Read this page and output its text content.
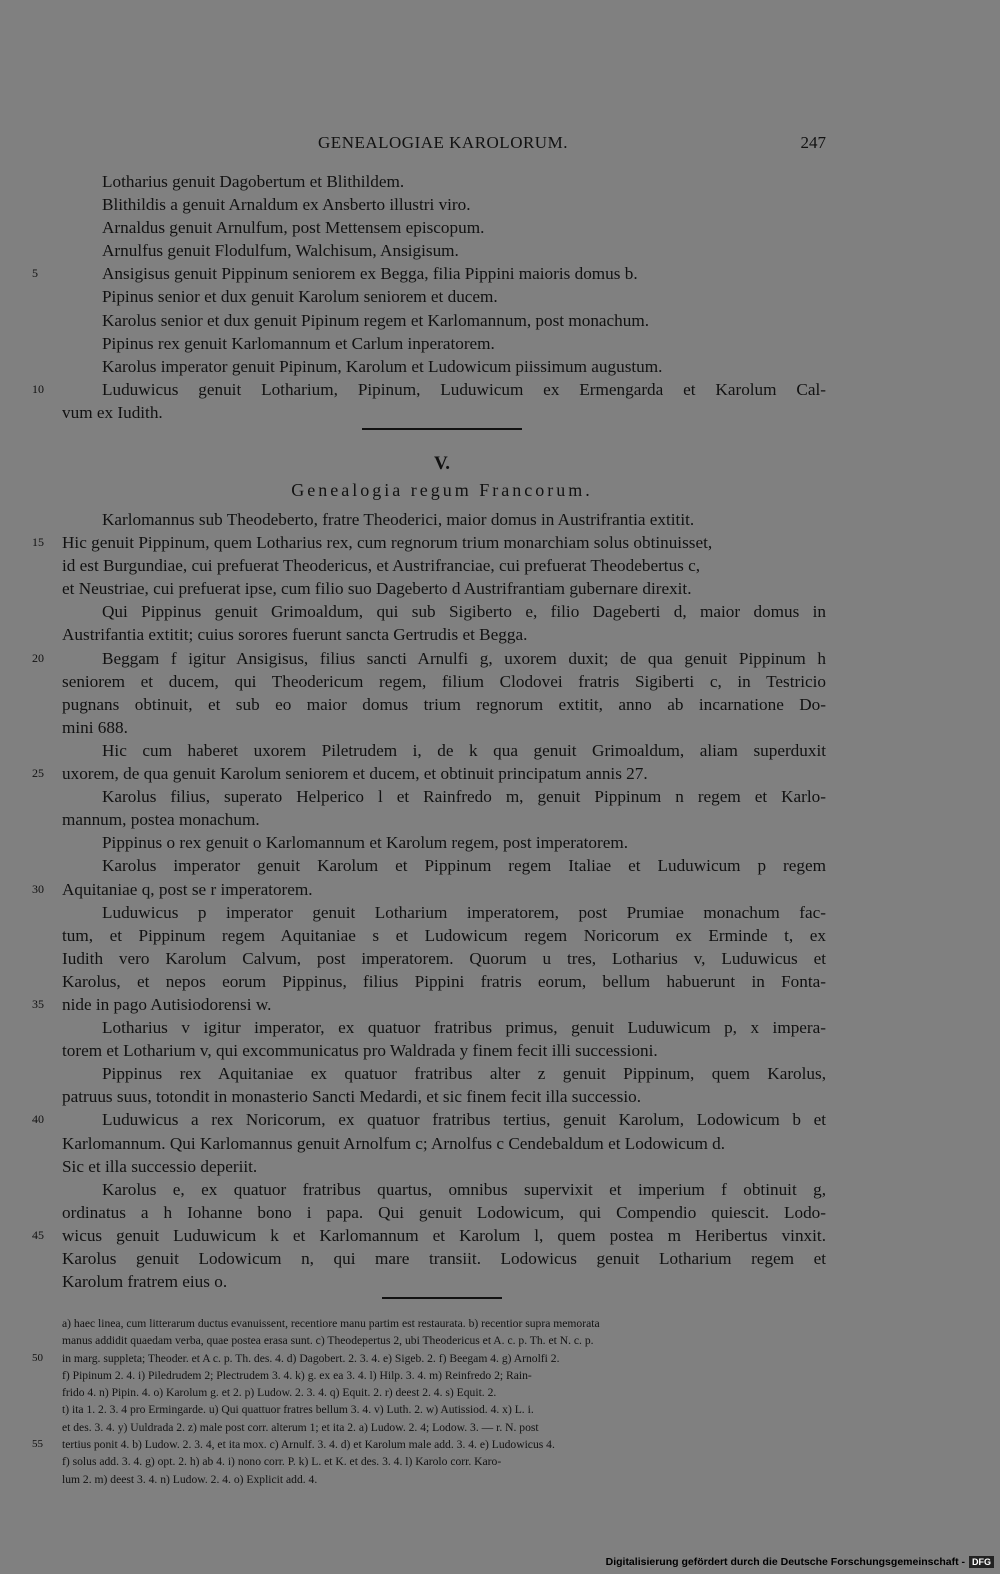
GENEALOGIAE KAROLORUM.	247
Lotharius genuit Dagobertum et Blithildem.
Blithildis a genuit Arnaldum ex Ansberto illustri viro.
Arnaldus genuit Arnulfum, post Mettensem episcopum.
Arnulfus genuit Flodulfum, Walchisum, Ansigisum.
Ansigisus genuit Pippinum seniorem ex Begga, filia Pippini maioris domus b.
5
Pipinus senior et dux genuit Karolum seniorem et ducem.
Karolus senior et dux genuit Pipinum regem et Karlomannum, post monachum.
Pipinus rex genuit Karlomannum et Carlum inperatorem.
Karolus imperator genuit Pipinum, Karolum et Ludowicum piissimum augustum.
Luduwicus genuit Lotharium, Pipinum, Luduwicum ex Ermengarda et Karolum Cal-
10
vum ex Iudith.
V.
Genealogia regum Francorum.
Karlomannus sub Theodeberto, fratre Theoderici, maior domus in Austrifrantia extitit.
Hic genuit Pippinum, quem Lotharius rex, cum regnorum trium monarchiam solus obtinuisset,
15
id est Burgundiae, cui prefuerat Theodericus, et Austrifranciae, cui prefuerat Theodebertus c,
et Neustriae, cui prefuerat ipse, cum filio suo Dageberto d Austrifrantiam gubernare direxit.
Qui Pippinus genuit Grimoaldum, qui sub Sigiberto e, filio Dageberti d, maior domus in
Austrifantia extitit; cuius sorores fuerunt sancta Gertrudis et Begga.
Beggam f igitur Ansigisus, filius sancti Arnulfi g, uxorem duxit; de qua genuit Pippinum h
20
seniorem et ducem, qui Theodericum regem, filium Clodovei fratris Sigiberti c, in Testricio
pugnans obtinuit, et sub eo maior domus trium regnorum extitit, anno ab incarnatione Do-
mini 688.
Hic cum haberet uxorem Piletrudem i, de k qua genuit Grimoaldum, aliam superduxit
uxorem, de qua genuit Karolum seniorem et ducem, et obtinuit principatum annis 27.
25
Karolus filius, superato Helperico l et Rainfredo m, genuit Pippinum n regem et Karlo-
mannum, postea monachum.
Pippinus o rex genuit o Karlomannum et Karolum regem, post imperatorem.
Karolus imperator genuit Karolum et Pippinum regem Italiae et Luduwicum p regem
Aquitaniae q, post se r imperatorem.
30
Luduwicus p imperator genuit Lotharium imperatorem, post Prumiae monachum fac-
tum, et Pippinum regem Aquitaniae s et Ludowicum regem Noricorum ex Erminde t, ex
Iudith vero Karolum Calvum, post imperatorem. Quorum u tres, Lotharius v, Luduwicus et
Karolus, et nepos eorum Pippinus, filius Pippini fratris eorum, bellum habuerunt in Fonta-
nide in pago Autisiodorensi w.
35
Lotharius v igitur imperator, ex quatuor fratribus primus, genuit Luduwicum p, x impera-
torem et Lotharium v, qui excommunicatus pro Waldrada y finem fecit illi successioni.
Pippinus rex Aquitaniae ex quatuor fratribus alter z genuit Pippinum, quem Karolus,
patruus suus, totondit in monasterio Sancti Medardi, et sic finem fecit illa successio.
Luduwicus a rex Noricorum, ex quatuor fratribus tertius, genuit Karolum, Lodowicum b et
40
Karlomannum. Qui Karlomannus genuit Arnolfum c; Arnolfus c Cendebaldum et Lodowicum d.
Sic et illa successio deperiit.
Karolus e, ex quatuor fratribus quartus, omnibus supervixit et imperium f obtinuit g,
ordinatus a h Iohanne bono i papa. Qui genuit Lodowicum, qui Compendio quiescit. Lodo-
wicus genuit Luduwicum k et Karlomannum et Karolum l, quem postea m Heribertus vinxit.
45
Karolus genuit Lodowicum n, qui mare transiit. Lodowicus genuit Lotharium regem et
Karolum fratrem eius o.
a) haec linea, cum litterarum ductus evanuissent, recentiore manu partim est restaurata. b) recentior supra memorata
manus addidit quaedam verba, quae postea erasa sunt. c) Theodepertus 2, ubi Theodericus et A. c. p. Th. et N. c. p.
in marg. suppleta; Theoder. et A c. p. Th. des. 4. d) Dagobert. 2. 3. 4. e) Sigeb. 2. f) Beegam 4. g) Arnolfi 2.
50
f) Pipinum 2. 4. i) Piledrudem 2; Plectrudem 3. 4. k) g. ex ea 3. 4. l) Hilp. 3. 4. m) Reinfredo 2; Rain-
frido 4. n) Pipin. 4. o) Karolum g. et 2. p) Ludow. 2. 3. 4. q) Equit. 2. r) deest 2. 4. s) Equit. 2.
t) ita 1. 2. 3. 4 pro Ermingarde. u) Qui quattuor fratres bellum 3. 4. v) Luth. 2. w) Autissiod. 4. x) L. i.
et des. 3. 4. y) Uuldrada 2. z) male post corr. alterum 1; et ita 2. a) Ludow. 2. 4; Lodow. 3. — r. N. post
tertius ponit 4. b) Ludow. 2. 3. 4, et ita mox. c) Arnulf. 3. 4. d) et Karolum male add. 3. 4. e) Ludowicus 4.
55
f) solus add. 3. 4. g) opt. 2. h) ab 4. i) nono corr. P. k) L. et K. et des. 3. 4. l) Karolo corr. Karo-
lum 2. m) deest 3. 4. n) Ludow. 2. 4. o) Explicit add. 4.
Digitalisierung gefördert durch die Deutsche Forschungsgemeinschaft - DFG
